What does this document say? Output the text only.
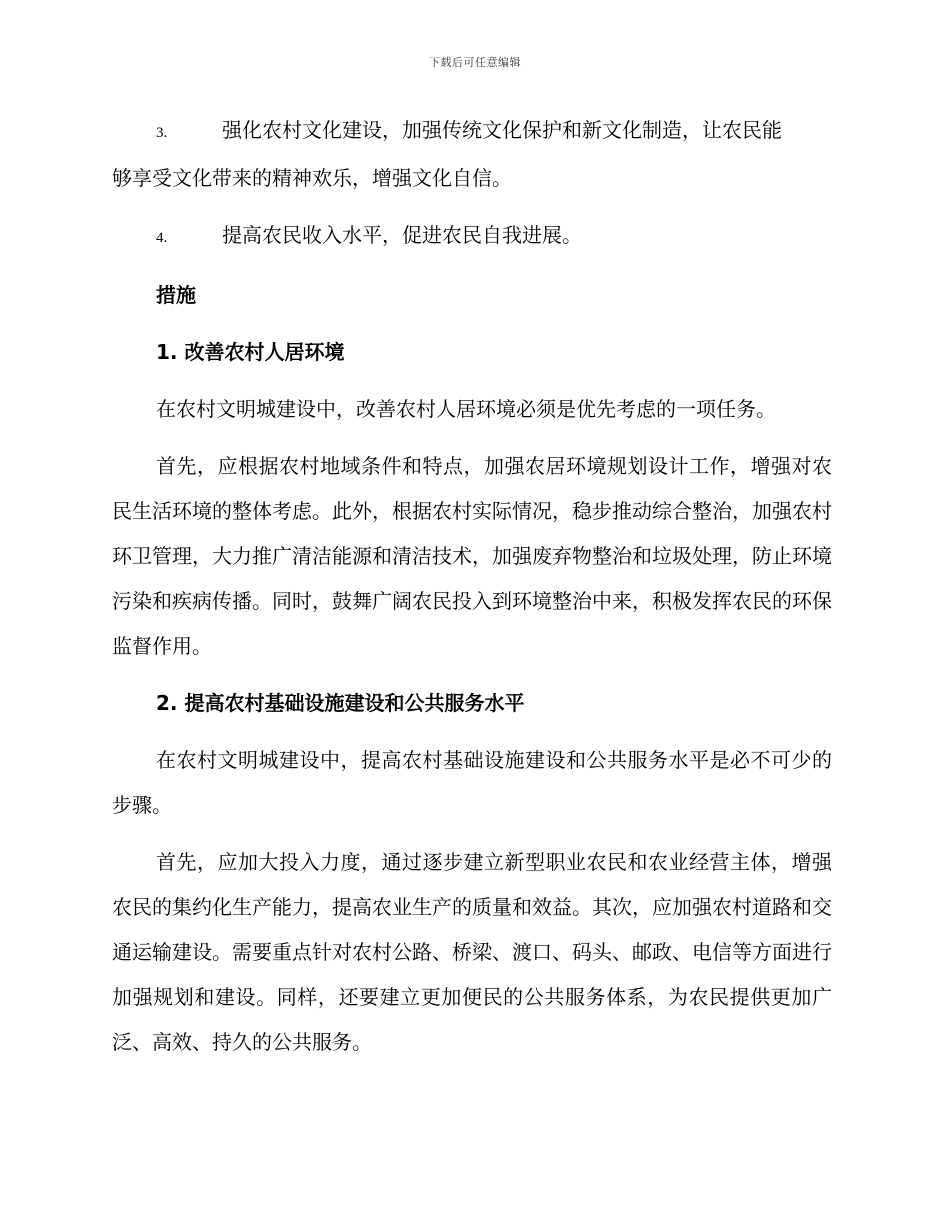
下载后可任意编辑

3.	强化农村文化建设，加强传统文化保护和新文化制造，让农民能
够享受文化带来的精神欢乐，增强文化自信。

4.	提高农民收入水平，促进农民自我进展。

措施

1. 改善农村人居环境

在农村文明城建设中，改善农村人居环境必须是优先考虑的一项任务。

首先，应根据农村地域条件和特点，加强农居环境规划设计工作，增强对农民生活环境的整体考虑。此外，根据农村实际情况，稳步推动综合整治，加强农村环卫管理，大力推广清洁能源和清洁技术，加强废弃物整治和垃圾处理，防止环境污染和疾病传播。同时，鼓舞广阔农民投入到环境整治中来，积极发挥农民的环保监督作用。

2. 提高农村基础设施建设和公共服务水平

在农村文明城建设中，提高农村基础设施建设和公共服务水平是必不可少的步骤。

首先，应加大投入力度，通过逐步建立新型职业农民和农业经营主体，增强农民的集约化生产能力，提高农业生产的质量和效益。其次，应加强农村道路和交通运输建设。需要重点针对农村公路、桥梁、渡口、码头、邮政、电信等方面进行加强规划和建设。同样，还要建立更加便民的公共服务体系，为农民提供更加广泛、高效、持久的公共服务。
